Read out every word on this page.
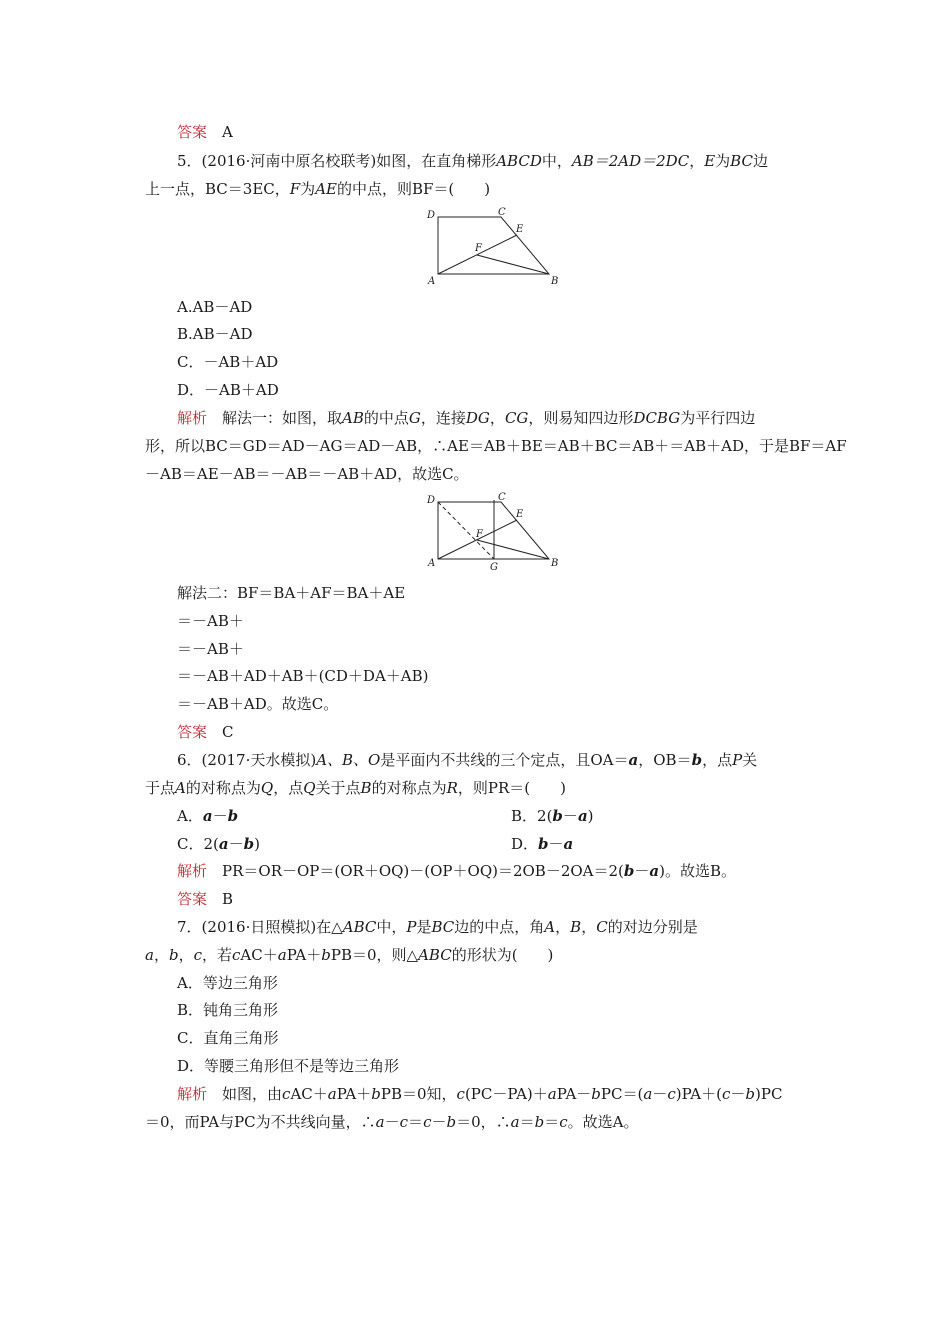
答案　 A
5．(2016·河南中原名校联考)如图，在直角梯形ABCD中，AB＝2AD＝2DC，E为BC边
上一点，BC＝3EC，F为AE的中点，则BF＝(　　)
D	C
E
F
A	B
A.AB－AD
B.AB－AD
C．－AB＋AD
D．－AB＋AD
解析　解法一：如图，取AB的中点G，连接DG，CG，则易知四边形DCBG为平行四边
形，所以BC＝GD＝AD－AG＝AD－AB，∴AE＝AB＋BE＝AB＋BC＝AB＋＝AB＋AD，于是BF＝AF
－AB＝AE－AB＝－AB＝－AB＋AD，故选C。
D	C
E
F
A	G	B
解法二：BF＝BA＋AF＝BA＋AE
＝－AB＋
＝－AB＋
＝－AB＋AD＋AB＋(CD＋DA＋AB)
＝－AB＋AD。故选C。
答案　 C
6．(2017·天水模拟)A、B、O是平面内不共线的三个定点，且OA＝a，OB＝b，点P关
于点A的对称点为Q，点Q关于点B的对称点为R，则PR＝(　　)
A．a－b	B．2(b－a)
C．2(a－b)	D．b－a
解析　PR＝OR－OP＝(OR＋OQ)－(OP＋OQ)＝2OB－2OA＝2(b－a)。故选B。
答案　 B
7．(2016·日照模拟)在△ABC中，P是BC边的中点，角A，B，C的对边分别是
a，b，c，若cAC＋aPA＋bPB＝0，则△ABC的形状为(　　)
A．等边三角形
B．钝角三角形
C．直角三角形
D．等腰三角形但不是等边三角形
解析　如图，由cAC＋aPA＋bPB＝0知，c(PC－PA)＋aPA－bPC＝(a－c)PA＋(c－b)PC
＝0，而PA与PC为不共线向量，∴a－c＝c－b＝0，∴a＝b＝c。故选A。
